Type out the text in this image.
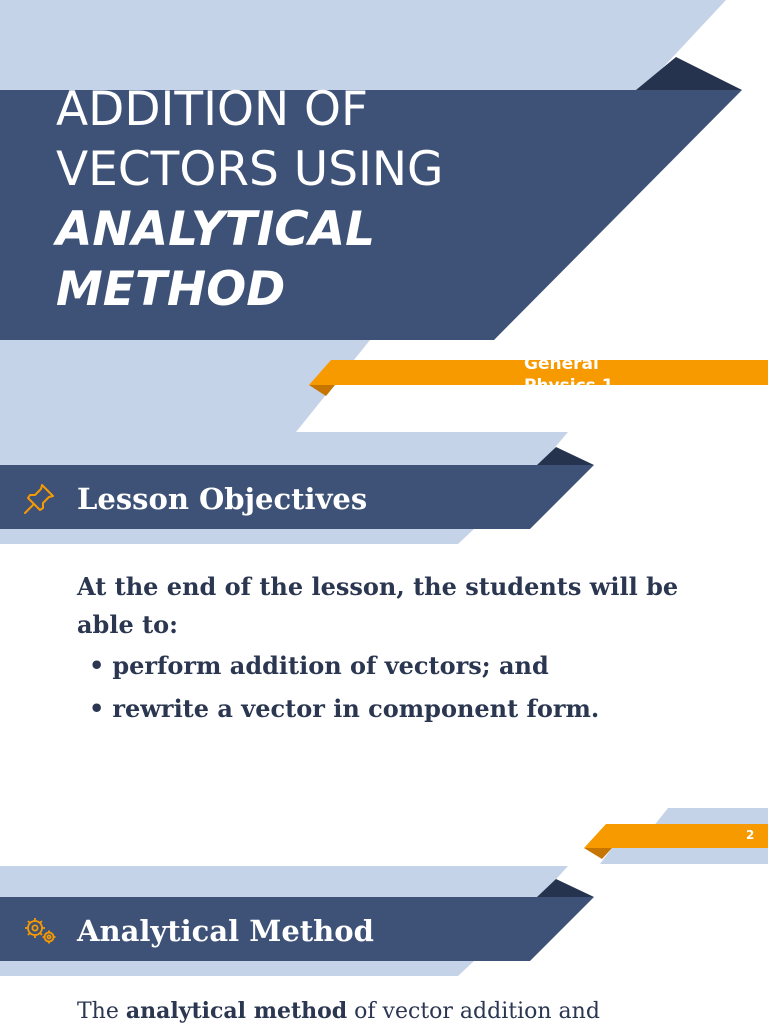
ADDITION OF
VECTORS USING
ANALYTICAL
METHOD
General Physics 1
Lesson Objectives
At the end of the lesson, the students will be able to:
• perform addition of vectors; and
• rewrite a vector in component form.
2
Analytical Method
The analytical method of vector addition and
